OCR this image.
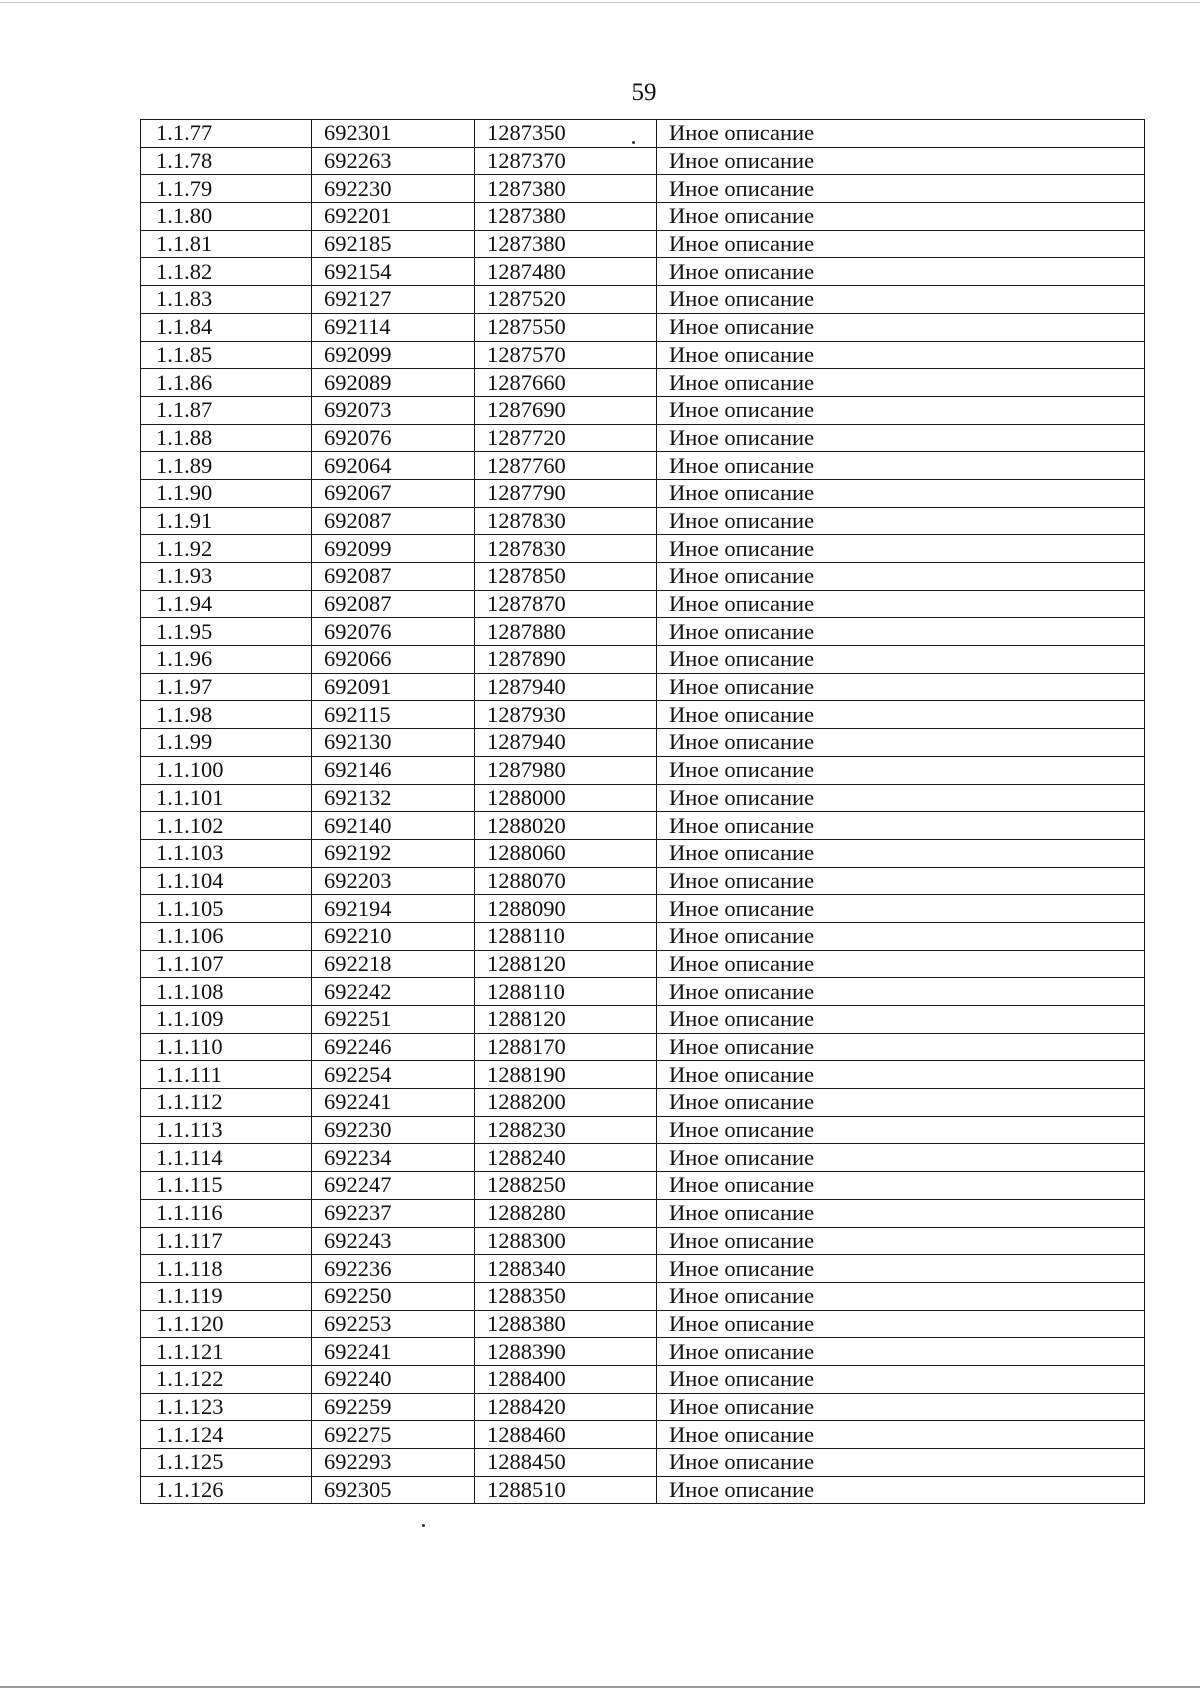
59
1.1.77	692301	1287350	Иное описание
1.1.78	692263	1287370	Иное описание
1.1.79	692230	1287380	Иное описание
1.1.80	692201	1287380	Иное описание
1.1.81	692185	1287380	Иное описание
1.1.82	692154	1287480	Иное описание
1.1.83	692127	1287520	Иное описание
1.1.84	692114	1287550	Иное описание
1.1.85	692099	1287570	Иное описание
1.1.86	692089	1287660	Иное описание
1.1.87	692073	1287690	Иное описание
1.1.88	692076	1287720	Иное описание
1.1.89	692064	1287760	Иное описание
1.1.90	692067	1287790	Иное описание
1.1.91	692087	1287830	Иное описание
1.1.92	692099	1287830	Иное описание
1.1.93	692087	1287850	Иное описание
1.1.94	692087	1287870	Иное описание
1.1.95	692076	1287880	Иное описание
1.1.96	692066	1287890	Иное описание
1.1.97	692091	1287940	Иное описание
1.1.98	692115	1287930	Иное описание
1.1.99	692130	1287940	Иное описание
1.1.100	692146	1287980	Иное описание
1.1.101	692132	1288000	Иное описание
1.1.102	692140	1288020	Иное описание
1.1.103	692192	1288060	Иное описание
1.1.104	692203	1288070	Иное описание
1.1.105	692194	1288090	Иное описание
1.1.106	692210	1288110	Иное описание
1.1.107	692218	1288120	Иное описание
1.1.108	692242	1288110	Иное описание
1.1.109	692251	1288120	Иное описание
1.1.110	692246	1288170	Иное описание
1.1.111	692254	1288190	Иное описание
1.1.112	692241	1288200	Иное описание
1.1.113	692230	1288230	Иное описание
1.1.114	692234	1288240	Иное описание
1.1.115	692247	1288250	Иное описание
1.1.116	692237	1288280	Иное описание
1.1.117	692243	1288300	Иное описание
1.1.118	692236	1288340	Иное описание
1.1.119	692250	1288350	Иное описание
1.1.120	692253	1288380	Иное описание
1.1.121	692241	1288390	Иное описание
1.1.122	692240	1288400	Иное описание
1.1.123	692259	1288420	Иное описание
1.1.124	692275	1288460	Иное описание
1.1.125	692293	1288450	Иное описание
1.1.126	692305	1288510	Иное описание
